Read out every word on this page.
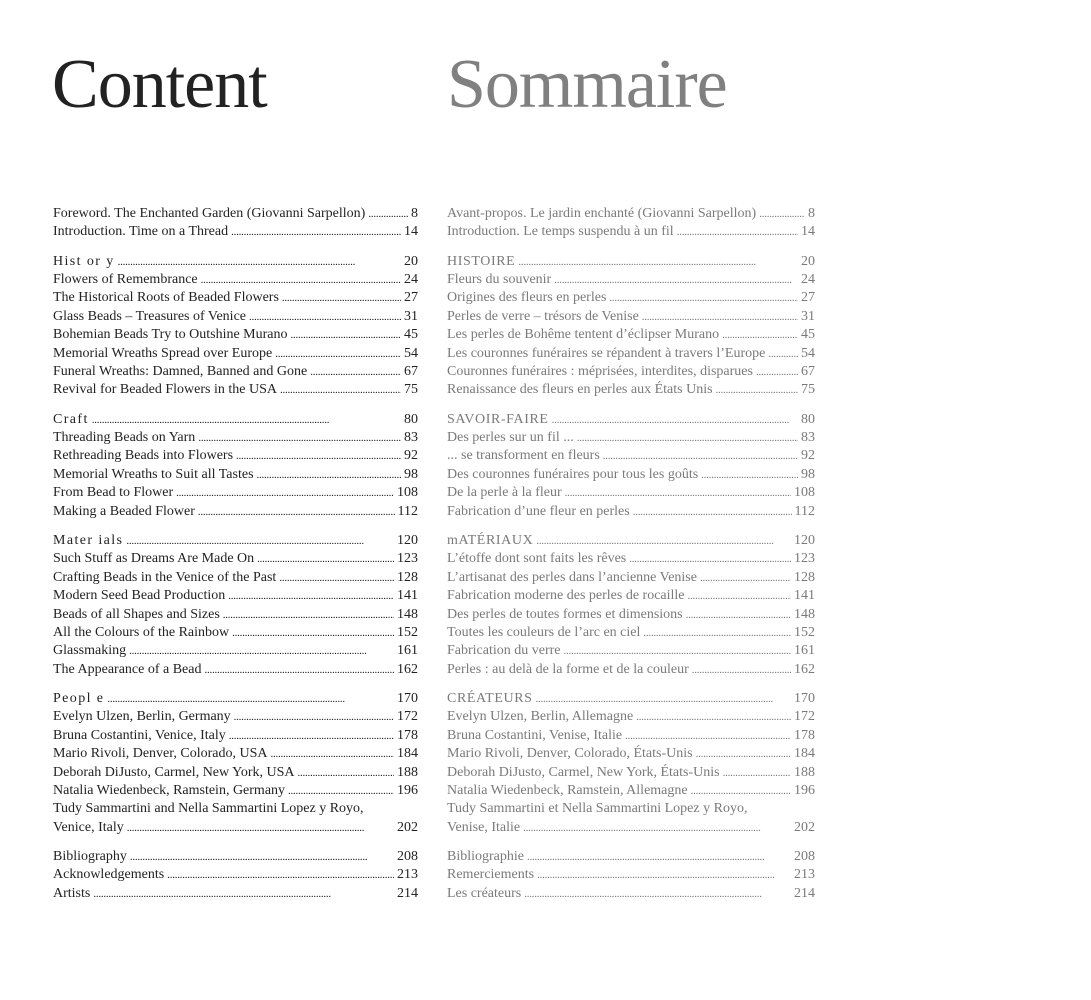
Content	Sommaire
Foreword. The Enchanted Garden (Giovanni Sarpellon) . . .	8
Introduction. Time on a Thread . . .	14
Hist or y . . .	20
Flowers of Remembrance . . .	24
The Historical Roots of Beaded Flowers . . .	27
Glass Beads – Treasures of Venice . . .	31
Bohemian Beads Try to Outshine Murano . . .	45
Memorial Wreaths Spread over Europe . . .	54
Funeral Wreaths: Damned, Banned and Gone . . .	67
Revival for Beaded Flowers in the USA . . .	75
Craft . . .	80
Threading Beads on Yarn . . .	83
Rethreading Beads into Flowers . . .	92
Memorial Wreaths to Suit all Tastes . . .	98
From Bead to Flower . . .	108
Making a Beaded Flower . . .	112
Mater ials . . .	120
Such Stuff as Dreams Are Made On . . .	123
Crafting Beads in the Venice of the Past . . .	128
Modern Seed Bead Production . . .	141
Beads of all Shapes and Sizes . . .	148
All the Colours of the Rainbow . . .	152
Glassmaking . . .	161
The Appearance of a Bead . . .	162
Peopl e . . .	170
Evelyn Ulzen, Berlin, Germany . . .	172
Bruna Costantini, Venice, Italy . . .	178
Mario Rivoli, Denver, Colorado, USA . . .	184
Deborah DiJusto, Carmel, New York, USA . . .	188
Natalia Wiedenbeck, Ramstein, Germany . . .	196
Tudy Sammartini and Nella Sammartini Lopez y Royo,
Venice, Italy . . .	202
Bibliography . . .	208
Acknowledgements . . .	213
Artists . . .	214
Avant-propos. Le jardin enchanté (Giovanni Sarpellon) . . .	8
Introduction. Le temps suspendu à un fil . . .	14
HISTOIRE . . .	20
Fleurs du souvenir . . .	24
Origines des fleurs en perles . . .	27
Perles de verre – trésors de Venise . . .	31
Les perles de Bohême tentent d’éclipser Murano . . .	45
Les couronnes funéraires se répandent à travers l’Europe . . .	54
Couronnes funéraires : méprisées, interdites, disparues . . .	67
Renaissance des fleurs en perles aux États Unis . . .	75
SAVOIR-FAIRE . . .	80
Des perles sur un fil ... . . .	83
... se transforment en fleurs . . .	92
Des couronnes funéraires pour tous les goûts . . .	98
De la perle à la fleur . . .	108
Fabrication d’une fleur en perles . . .	112
mATÉRIAUX . . .	120
L’étoffe dont sont faits les rêves . . .	123
L’artisanat des perles dans l’ancienne Venise . . .	128
Fabrication moderne des perles de rocaille . . .	141
Des perles de toutes formes et dimensions . . .	148
Toutes les couleurs de l’arc en ciel . . .	152
Fabrication du verre . . .	161
Perles : au delà de la forme et de la couleur . . .	162
CRÉATEURS . . .	170
Evelyn Ulzen, Berlin, Allemagne . . .	172
Bruna Costantini, Venise, Italie . . .	178
Mario Rivoli, Denver, Colorado, États-Unis . . .	184
Deborah DiJusto, Carmel, New York, États-Unis . . .	188
Natalia Wiedenbeck, Ramstein, Allemagne . . .	196
Tudy Sammartini et Nella Sammartini Lopez y Royo,
Venise, Italie . . .	202
Bibliographie . . .	208
Remerciements . . .	213
Les créateurs . . .	214
